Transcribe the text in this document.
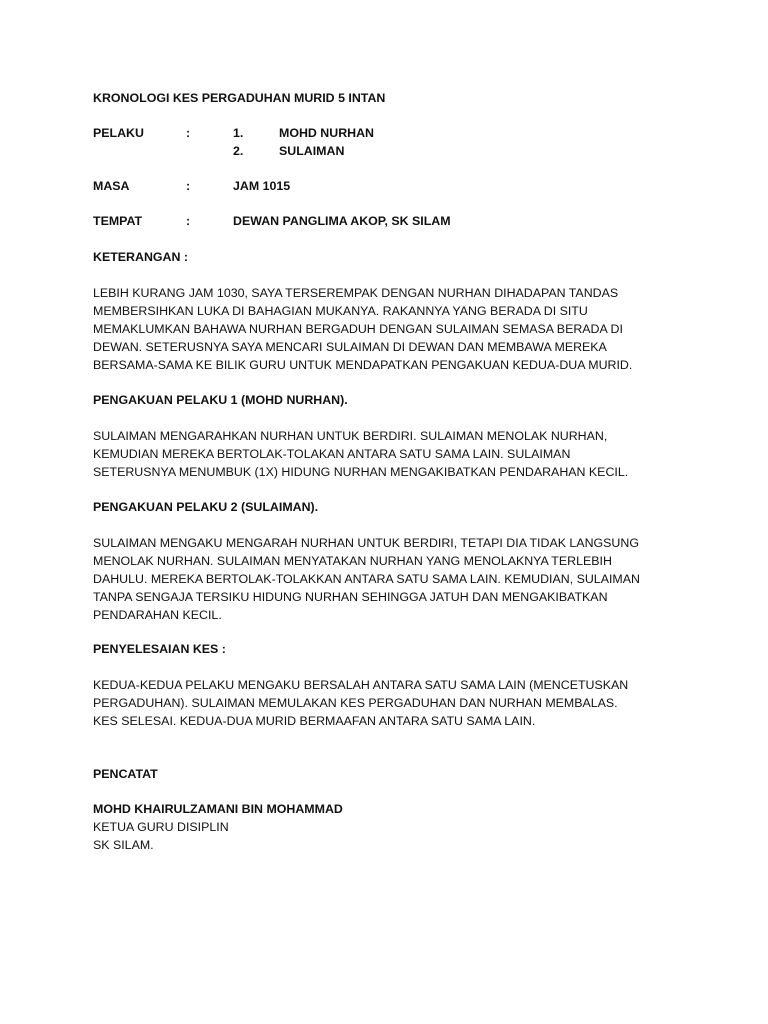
KRONOLOGI KES PERGADUHAN MURID 5 INTAN
PELAKU	:	1.	MOHD NURHAN
2.	SULAIMAN
MASA	:	JAM 1015
TEMPAT	:	DEWAN PANGLIMA AKOP, SK SILAM
KETERANGAN :
LEBIH KURANG JAM 1030, SAYA TERSEREMPAK DENGAN NURHAN DIHADAPAN TANDAS
MEMBERSIHKAN LUKA DI BAHAGIAN MUKANYA. RAKANNYA YANG BERADA DI SITU
MEMAKLUMKAN BAHAWA NURHAN BERGADUH DENGAN SULAIMAN SEMASA BERADA DI
DEWAN. SETERUSNYA SAYA MENCARI SULAIMAN DI DEWAN DAN MEMBAWA MEREKA
BERSAMA-SAMA KE BILIK GURU UNTUK MENDAPATKAN PENGAKUAN KEDUA-DUA MURID.
PENGAKUAN PELAKU 1 (MOHD NURHAN).
SULAIMAN MENGARAHKAN NURHAN UNTUK BERDIRI. SULAIMAN MENOLAK NURHAN,
KEMUDIAN MEREKA BERTOLAK-TOLAKAN ANTARA SATU SAMA LAIN. SULAIMAN
SETERUSNYA MENUMBUK (1X) HIDUNG NURHAN MENGAKIBATKAN PENDARAHAN KECIL.
PENGAKUAN PELAKU 2 (SULAIMAN).
SULAIMAN MENGAKU MENGARAH NURHAN UNTUK BERDIRI, TETAPI DIA TIDAK LANGSUNG
MENOLAK NURHAN. SULAIMAN MENYATAKAN NURHAN YANG MENOLAKNYA TERLEBIH
DAHULU. MEREKA BERTOLAK-TOLAKKAN ANTARA SATU SAMA LAIN. KEMUDIAN, SULAIMAN
TANPA SENGAJA TERSIKU HIDUNG NURHAN SEHINGGA JATUH DAN MENGAKIBATKAN
PENDARAHAN KECIL.
PENYELESAIAN KES :
KEDUA-KEDUA PELAKU MENGAKU BERSALAH ANTARA SATU SAMA LAIN (MENCETUSKAN
PERGADUHAN). SULAIMAN MEMULAKAN KES PERGADUHAN DAN NURHAN MEMBALAS.
KES SELESAI. KEDUA-DUA MURID BERMAAFAN ANTARA SATU SAMA LAIN.
PENCATAT
MOHD KHAIRULZAMANI BIN MOHAMMAD
KETUA GURU DISIPLIN
SK SILAM.
